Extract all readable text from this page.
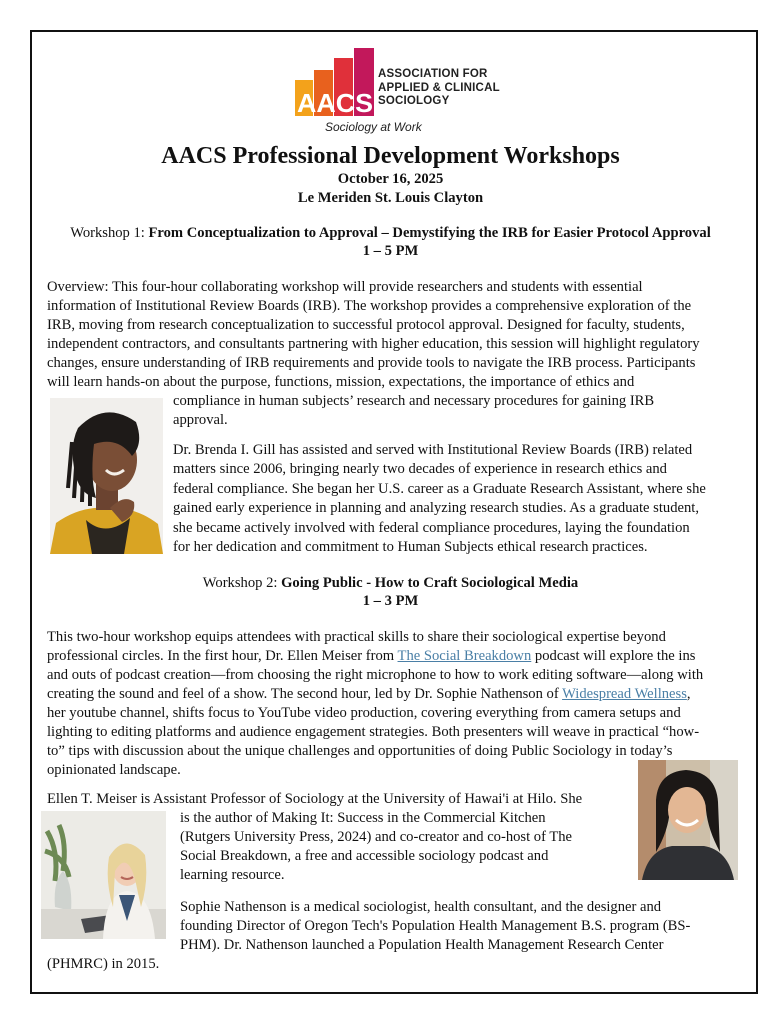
AACS
ASSOCIATION FOR
APPLIED & CLINICAL
SOCIOLOGY
Sociology at Work
AACS Professional Development Workshops
October 16, 2025
Le Meriden St. Louis Clayton
Workshop 1: From Conceptualization to Approval – Demystifying the IRB for Easier Protocol Approval
1 – 5 PM
Overview: This four-hour collaborating workshop will provide researchers and students with essential
information of Institutional Review Boards (IRB). The workshop provides a comprehensive exploration of the
IRB, moving from research conceptualization to successful protocol approval. Designed for faculty, students,
independent contractors, and consultants partnering with higher education, this session will highlight regulatory
changes, ensure understanding of IRB requirements and provide tools to navigate the IRB process. Participants
will learn hands-on about the purpose, functions, mission, expectations, the importance of ethics and
compliance in human subjects’ research and necessary procedures for gaining IRB
approval.
Dr. Brenda I. Gill has assisted and served with Institutional Review Boards (IRB) related
matters since 2006, bringing nearly two decades of experience in research ethics and
federal compliance. She began her U.S. career as a Graduate Research Assistant, where she
gained early experience in planning and analyzing research studies. As a graduate student,
she became actively involved with federal compliance procedures, laying the foundation
for her dedication and commitment to Human Subjects ethical research practices.
Workshop 2: Going Public - How to Craft Sociological Media
1 – 3 PM
This two-hour workshop equips attendees with practical skills to share their sociological expertise beyond
professional circles. In the first hour, Dr. Ellen Meiser from The Social Breakdown podcast will explore the ins
and outs of podcast creation—from choosing the right microphone to how to work editing software—along with
creating the sound and feel of a show. The second hour, led by Dr. Sophie Nathenson of Widespread Wellness,
her youtube channel, shifts focus to YouTube video production, covering everything from camera setups and
lighting to editing platforms and audience engagement strategies. Both presenters will weave in practical “how-
to” tips with discussion about the unique challenges and opportunities of doing Public Sociology in today’s
opinionated landscape.
Ellen T. Meiser is Assistant Professor of Sociology at the University of Hawai'i at Hilo. She
is the author of Making It: Success in the Commercial Kitchen
(Rutgers University Press, 2024) and co-creator and co-host of The
Social Breakdown, a free and accessible sociology podcast and
learning resource.
Sophie Nathenson is a medical sociologist, health consultant, and the designer and
founding Director of Oregon Tech's Population Health Management B.S. program (BS-
PHM). Dr. Nathenson launched a Population Health Management Research Center
(PHMRC) in 2015.
